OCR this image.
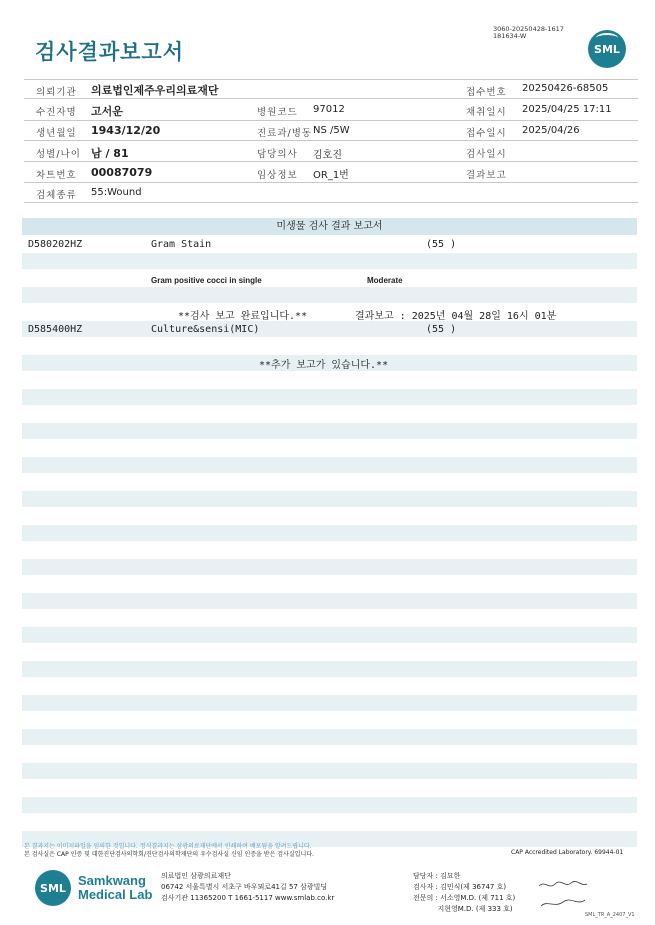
검사결과보고서
3060-20250428-1617
181634-W
SML
의뢰기관 의료법인제주우리의료재단	접수번호 20250426-68505
수진자명 고서운	병원코드 97012	채취일시 2025/04/25 17:11
생년월일 1943/12/20	진료과/병동 NS /5W	접수일시 2025/04/26
성별/나이 남 / 81	담당의사 김호진	검사일시
차트번호 00087079	임상정보 OR_1번	결과보고
검체종류 55:Wound
미생물 검사 결과 보고서
D580202HZ	Gram Stain	(55 )
Gram positive cocci in single	Moderate
**검사 보고 완료입니다.**	결과보고 : 2025년 04월 28일 16시 01분
D585400HZ	Culture&sensi(MIC)	(55 )
**추가 보고가 있습니다.**
본 결과지는 이미지파일을 임의한 것입니다. 정식결과지는 삼광의료재단에서 인쇄하여 배포됨을 알려드립니다.
본 검사실은 CAP 인증 및 대한진단검사의학회/진단검사의학재단의 우수검사실 신임 인증을 받은 검사실입니다.	CAP Accredited Laboratory. 69944-01
SML Samkwang
Medical Lab
의료법인 삼광의료재단
06742 서울특별시 서초구 바우뫼로41길 57 삼광빌딩
검사기관 11365200 T 1661-5117 www.smlab.co.kr
담당자 : 김묘한
검사자 : 김민식(제 36747 호)
전문의 : 서소영M.D. (제 711 호)
지현영M.D. (제 333 호)
SML_TR_A_2407_V1
